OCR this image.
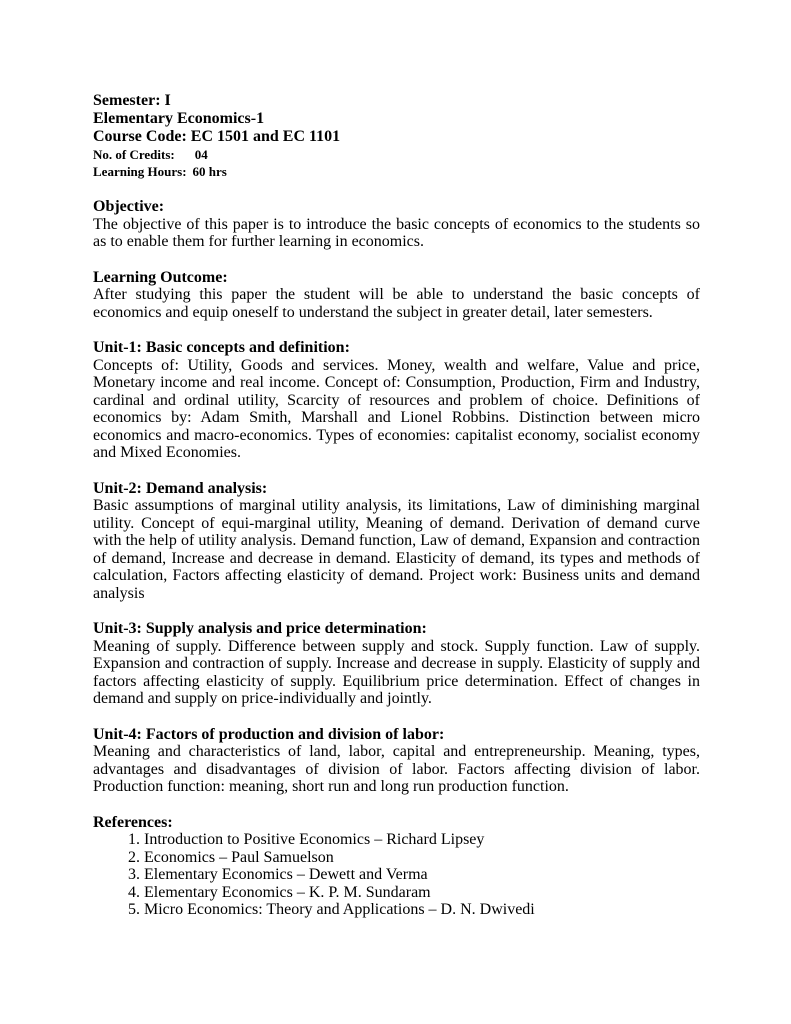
Semester: I

Elementary Economics-1

Course Code: EC 1501 and EC 1101

No. of Credits: 04

Learning Hours: 60 hrs

Objective:

The objective of this paper is to introduce the basic concepts of economics to the students so as to enable them for further learning in economics.

Learning Outcome:

After studying this paper the student will be able to understand the basic concepts of economics and equip oneself to understand the subject in greater detail, later semesters.

Unit-1: Basic concepts and definition:

Concepts of: Utility, Goods and services. Money, wealth and welfare, Value and price, Monetary income and real income. Concept of: Consumption, Production, Firm and Industry, cardinal and ordinal utility, Scarcity of resources and problem of choice. Definitions of economics by: Adam Smith, Marshall and Lionel Robbins. Distinction between micro economics and macro-economics. Types of economies: capitalist economy, socialist economy and Mixed Economies.

Unit-2: Demand analysis:

Basic assumptions of marginal utility analysis, its limitations, Law of diminishing marginal utility. Concept of equi-marginal utility, Meaning of demand. Derivation of demand curve with the help of utility analysis. Demand function, Law of demand, Expansion and contraction of demand, Increase and decrease in demand. Elasticity of demand, its types and methods of calculation, Factors affecting elasticity of demand. Project work: Business units and demand analysis

Unit-3: Supply analysis and price determination:

Meaning of supply. Difference between supply and stock. Supply function. Law of supply. Expansion and contraction of supply. Increase and decrease in supply. Elasticity of supply and factors affecting elasticity of supply. Equilibrium price determination. Effect of changes in demand and supply on price-individually and jointly.

Unit-4: Factors of production and division of labor:

Meaning and characteristics of land, labor, capital and entrepreneurship. Meaning, types, advantages and disadvantages of division of labor. Factors affecting division of labor. Production function: meaning, short run and long run production function.

References:

1. Introduction to Positive Economics – Richard Lipsey
2. Economics – Paul Samuelson
3. Elementary Economics – Dewett and Verma
4. Elementary Economics – K. P. M. Sundaram
5. Micro Economics: Theory and Applications – D. N. Dwivedi
